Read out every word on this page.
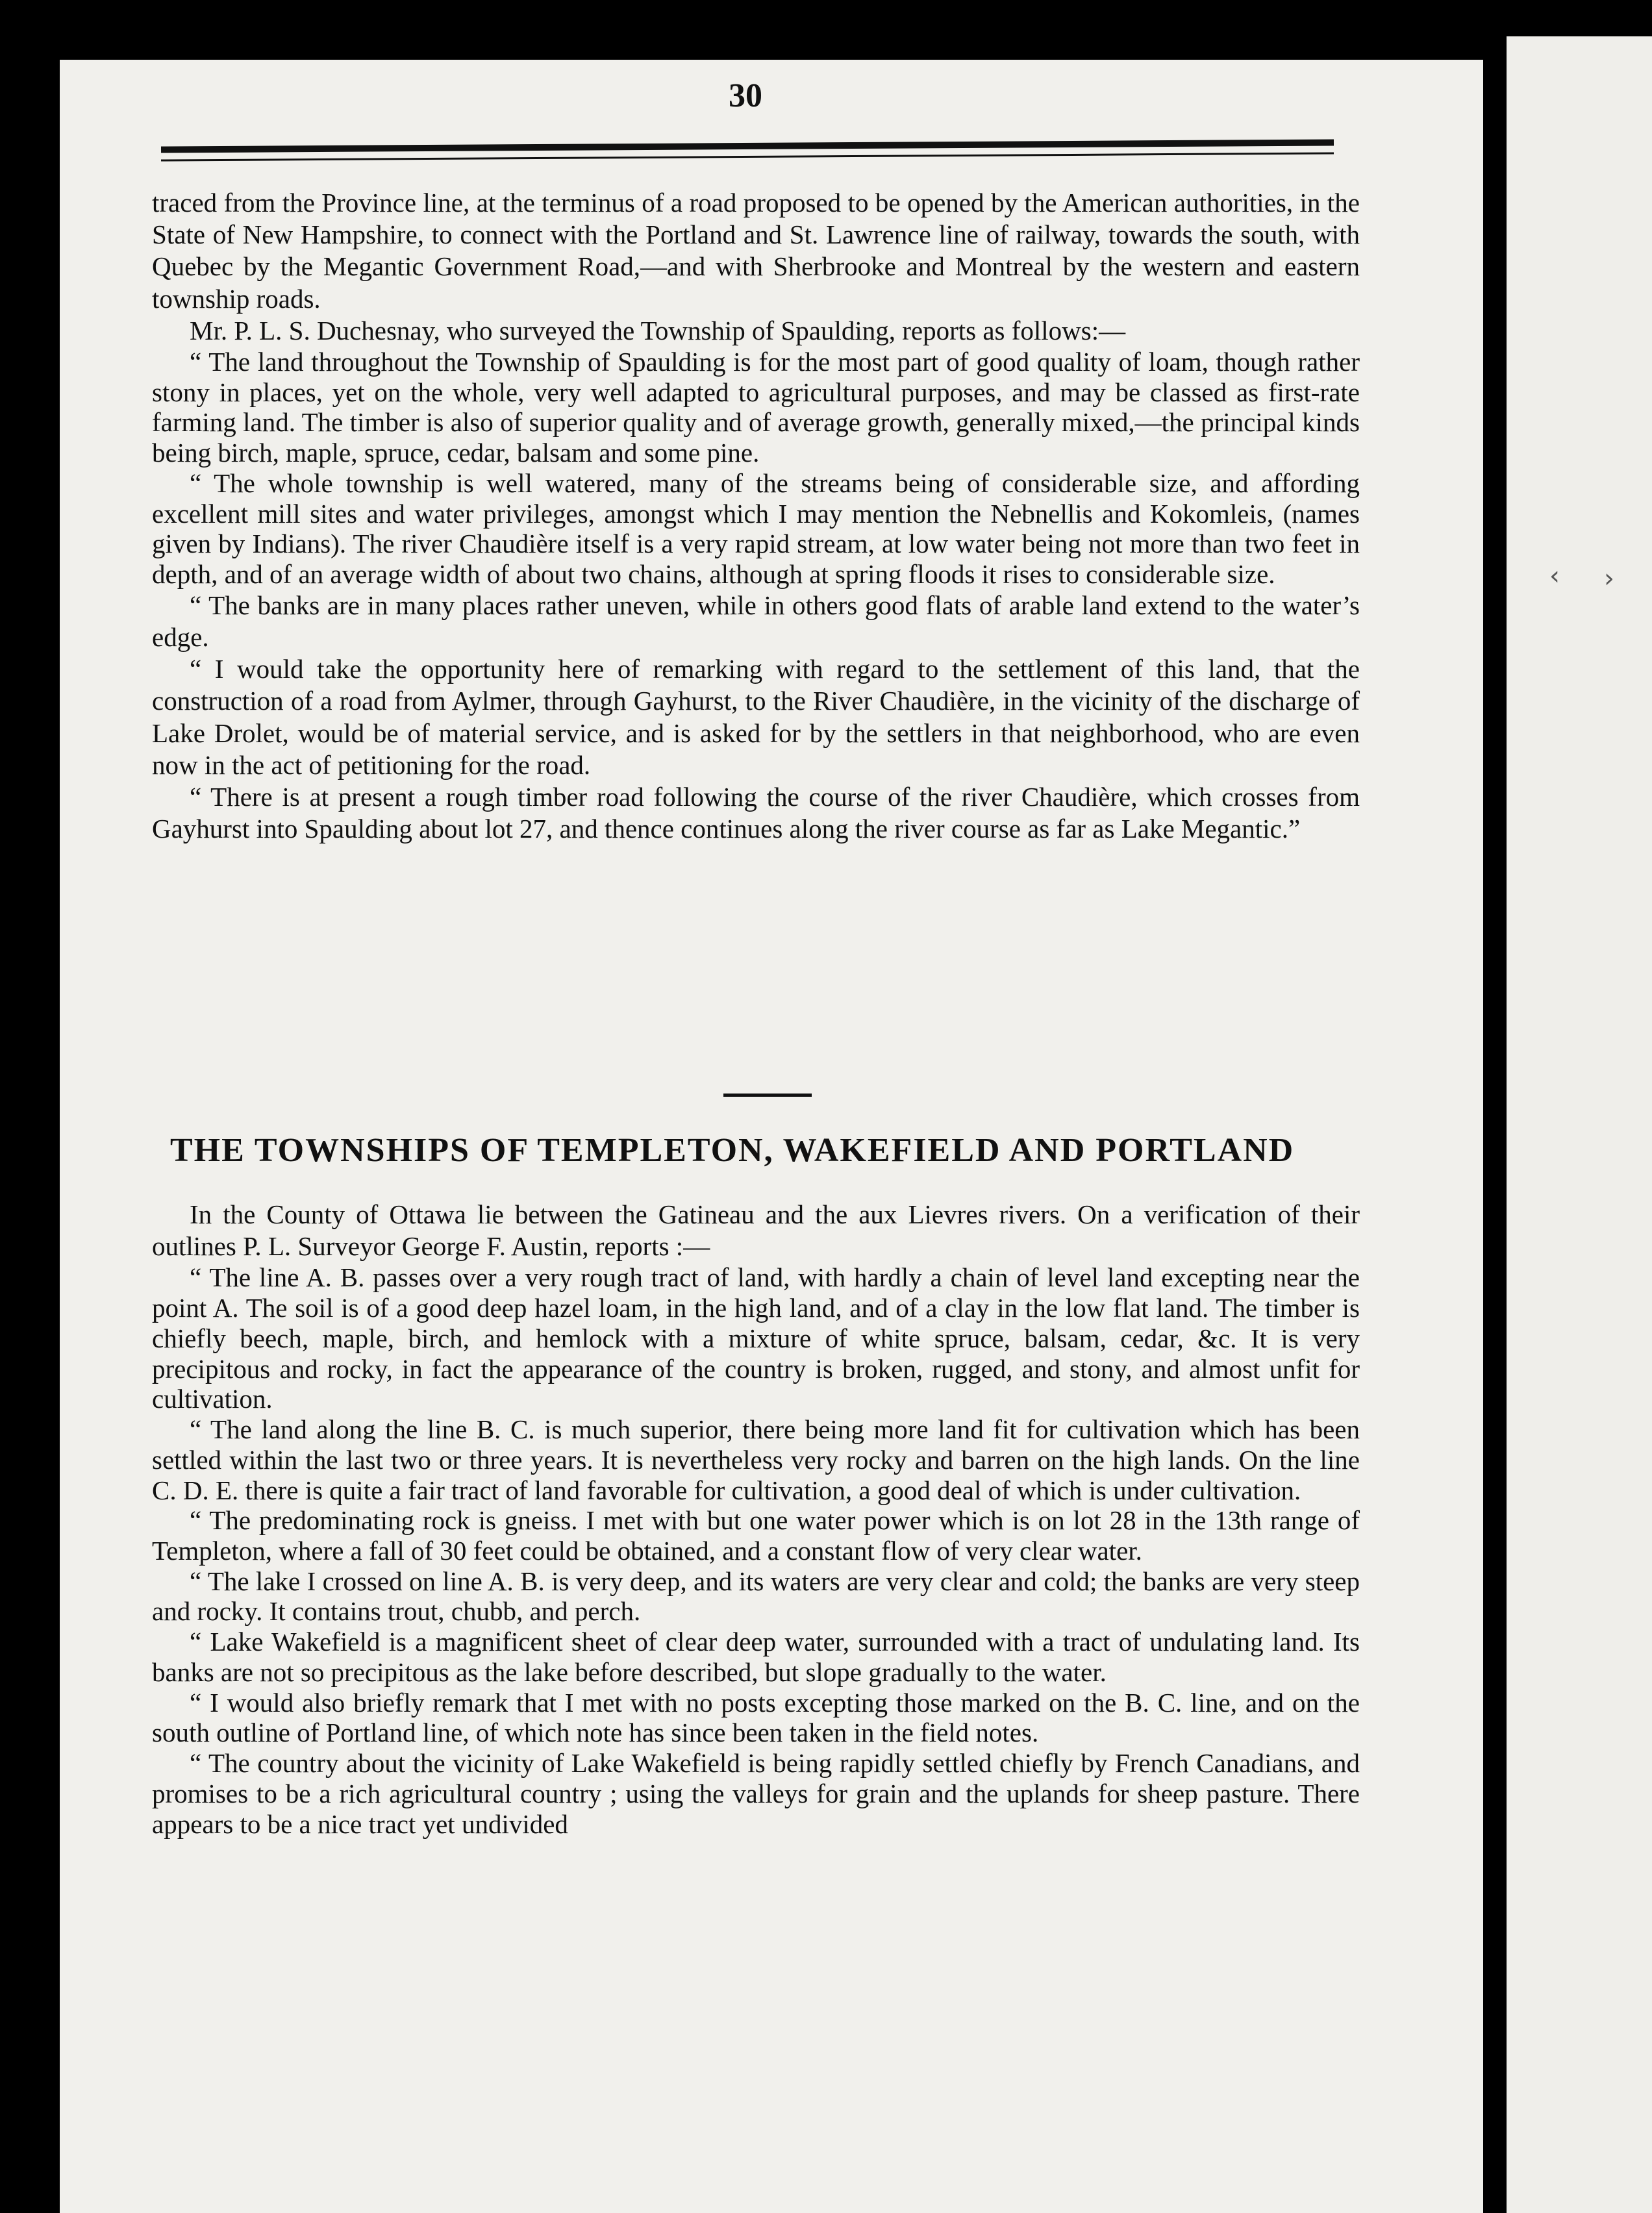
‹ ›
30

traced from the Province line, at the terminus of a road proposed to be opened by the American authorities, in the State of New Hampshire, to connect with the Portland and St. Lawrence line of railway, towards the south, with Quebec by the Megantic Government Road,—and with Sherbrooke and Montreal by the western and eastern township roads.

Mr. P. L. S. Duchesnay, who surveyed the Township of Spaulding, reports as follows:—

“ The land throughout the Township of Spaulding is for the most part of good quality of loam, though rather stony in places, yet on the whole, very well adapted to agricultural purposes, and may be classed as first-rate farming land. The timber is also of superior quality and of average growth, generally mixed,—the principal kinds being birch, maple, spruce, cedar, balsam and some pine.

“ The whole township is well watered, many of the streams being of considerable size, and affording excellent mill sites and water privileges, amongst which I may mention the Nebnellis and Kokomleis, (names given by Indians). The river Chaudière itself is a very rapid stream, at low water being not more than two feet in depth, and of an average width of about two chains, although at spring floods it rises to considerable size.

“ The banks are in many places rather uneven, while in others good flats of arable land extend to the water’s edge.

“ I would take the opportunity here of remarking with regard to the settlement of this land, that the construction of a road from Aylmer, through Gayhurst, to the River Chaudière, in the vicinity of the discharge of Lake Drolet, would be of material service, and is asked for by the settlers in that neighborhood, who are even now in the act of petitioning for the road.

“ There is at present a rough timber road following the course of the river Chaudière, which crosses from Gayhurst into Spaulding about lot 27, and thence continues along the river course as far as Lake Megantic.”

THE TOWNSHIPS OF TEMPLETON, WAKEFIELD AND PORTLAND

In the County of Ottawa lie between the Gatineau and the aux Lievres rivers. On a verification of their outlines P. L. Surveyor George F. Austin, reports :—

“ The line A. B. passes over a very rough tract of land, with hardly a chain of level land excepting near the point A. The soil is of a good deep hazel loam, in the high land, and of a clay in the low flat land. The timber is chiefly beech, maple, birch, and hemlock with a mixture of white spruce, balsam, cedar, &c. It is very precipitous and rocky, in fact the appearance of the country is broken, rugged, and stony, and almost unfit for cultivation.

“ The land along the line B. C. is much superior, there being more land fit for cultivation which has been settled within the last two or three years. It is nevertheless very rocky and barren on the high lands. On the line C. D. E. there is quite a fair tract of land favorable for cultivation, a good deal of which is under cultivation.

“ The predominating rock is gneiss. I met with but one water power which is on lot 28 in the 13th range of Templeton, where a fall of 30 feet could be obtained, and a constant flow of very clear water.

“ The lake I crossed on line A. B. is very deep, and its waters are very clear and cold; the banks are very steep and rocky. It contains trout, chubb, and perch.

“ Lake Wakefield is a magnificent sheet of clear deep water, surrounded with a tract of undulating land. Its banks are not so precipitous as the lake before described, but slope gradually to the water.

“ I would also briefly remark that I met with no posts excepting those marked on the B. C. line, and on the south outline of Portland line, of which note has since been taken in the field notes.

“ The country about the vicinity of Lake Wakefield is being rapidly settled chiefly by French Canadians, and promises to be a rich agricultural country ; using the valleys for grain and the uplands for sheep pasture. There appears to be a nice tract yet undivided
